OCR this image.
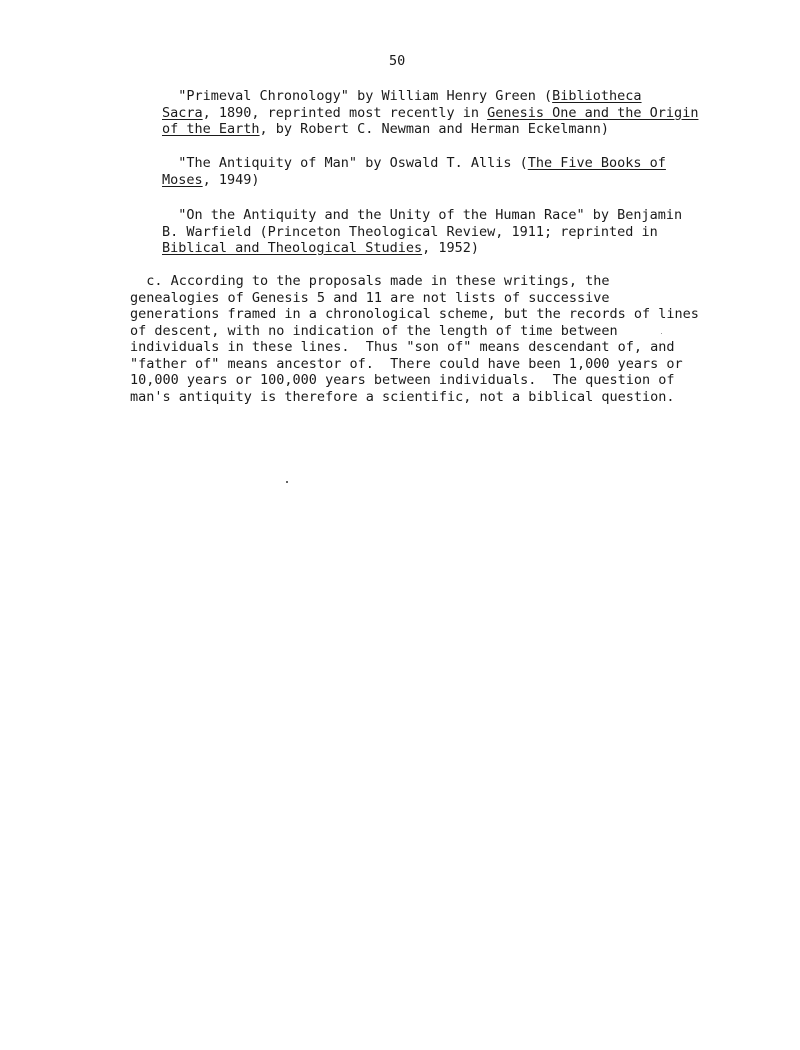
50
"Primeval Chronology" by William Henry Green (Bibliotheca
Sacra, 1890, reprinted most recently in Genesis One and the Origin
of the Earth, by Robert C. Newman and Herman Eckelmann)
"The Antiquity of Man" by Oswald T. Allis (The Five Books of
Moses, 1949)
"On the Antiquity and the Unity of the Human Race" by Benjamin
B. Warfield (Princeton Theological Review, 1911; reprinted in
Biblical and Theological Studies, 1952)
c. According to the proposals made in these writings, the
genealogies of Genesis 5 and 11 are not lists of successive
generations framed in a chronological scheme, but the records of lines
of descent, with no indication of the length of time between
individuals in these lines.  Thus "son of" means descendant of, and
"father of" means ancestor of.  There could have been 1,000 years or
10,000 years or 100,000 years between individuals.  The question of
man's antiquity is therefore a scientific, not a biblical question.
